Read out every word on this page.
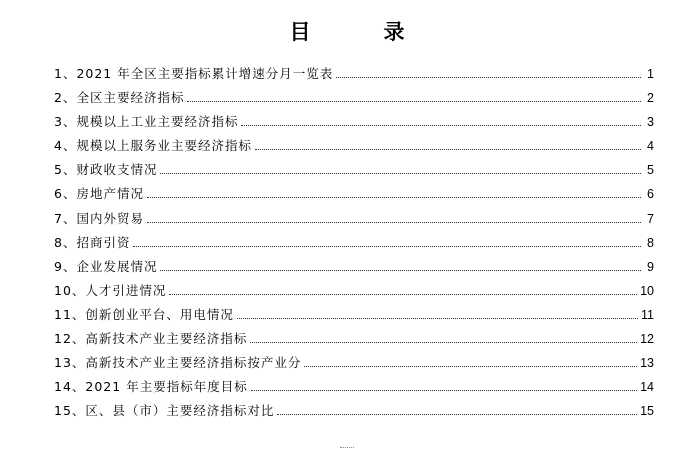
目　录
1、2021 年全区主要指标累计增速分月一览表	1
2、全区主要经济指标	2
3、规模以上工业主要经济指标	3
4、规模以上服务业主要经济指标	4
5、财政收支情况	5
6、房地产情况	6
7、国内外贸易	7
8、招商引资	8
9、企业发展情况	9
10、人才引进情况	10
11、创新创业平台、用电情况	11
12、高新技术产业主要经济指标	12
13、高新技术产业主要经济指标按产业分	13
14、2021 年主要指标年度目标	14
15、区、县（市）主要经济指标对比	15
